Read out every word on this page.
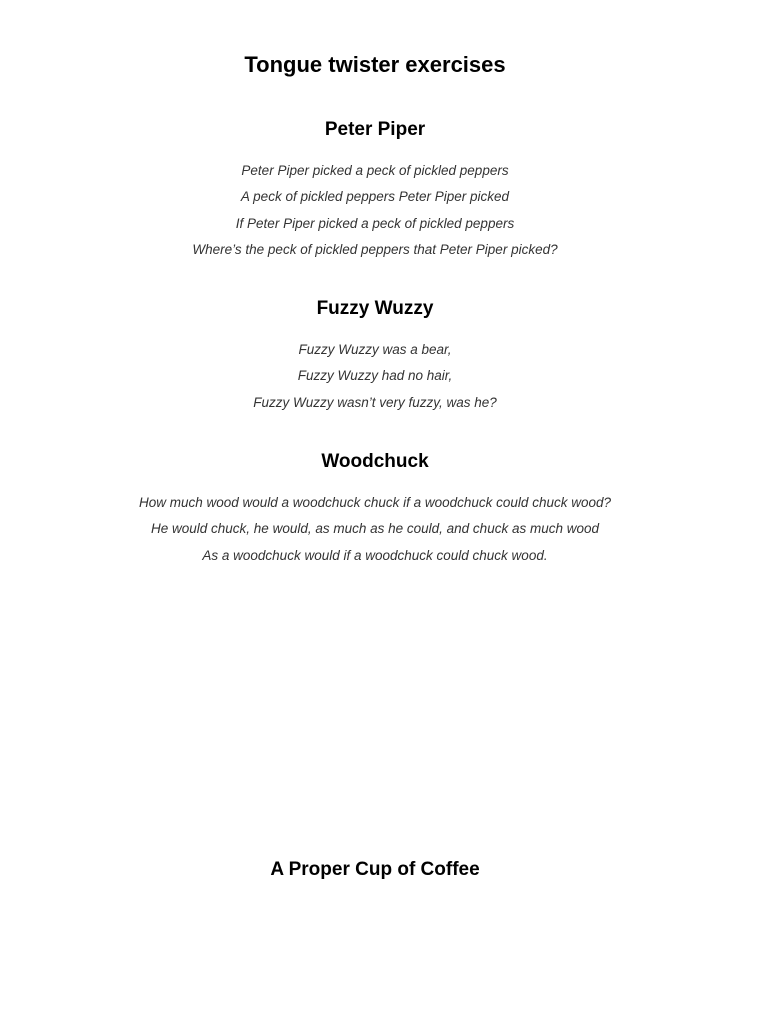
Tongue twister exercises
Peter Piper
Peter Piper picked a peck of pickled peppers
A peck of pickled peppers Peter Piper picked
If Peter Piper picked a peck of pickled peppers
Where’s the peck of pickled peppers that Peter Piper picked?
Fuzzy Wuzzy
Fuzzy Wuzzy was a bear,
Fuzzy Wuzzy had no hair,
Fuzzy Wuzzy wasn’t very fuzzy, was he?
Woodchuck
How much wood would a woodchuck chuck if a woodchuck could chuck wood?
He would chuck, he would, as much as he could, and chuck as much wood
As a woodchuck would if a woodchuck could chuck wood.
A Proper Cup of Coffee
